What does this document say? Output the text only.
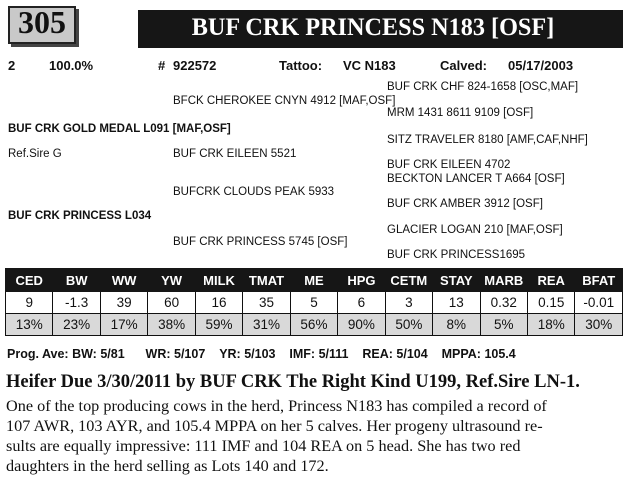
305	BUF CRK PRINCESS N183 [OSF]
2	100.0%	# 922572	Tattoo: VC N183	Calved: 05/17/2003
BUF CRK CHF 824-1658 [OSC,MAF]
BFCK CHEROKEE CNYN 4912 [MAF,OSF]
MRM 1431 8611 9109 [OSF]
BUF CRK GOLD MEDAL L091 [MAF,OSF]
SITZ TRAVELER 8180 [AMF,CAF,NHF]
Ref.Sire G	BUF CRK EILEEN 5521
BUF CRK EILEEN 4702
BECKTON LANCER T A664 [OSF]
BUFCRK CLOUDS PEAK 5933
BUF CRK AMBER 3912 [OSF]
BUF CRK PRINCESS L034
GLACIER LOGAN 210 [MAF,OSF]
BUF CRK PRINCESS 5745 [OSF]
BUF CRK PRINCESS1695
CED	BW	WW	YW	MILK	TMAT	ME	HPG	CETM	STAY	MARB	REA	BFAT
9	-1.3	39	60	16	35	5	6	3	13	0.32	0.15	-0.01
13%	23%	17%	38%	59%	31%	56%	90%	50%	8%	5%	18%	30%
Prog. Ave: BW: 5/81 WR: 5/107 YR: 5/103 IMF: 5/111 REA: 5/104 MPPA: 105.4
Heifer Due 3/30/2011 by BUF CRK The Right Kind U199, Ref.Sire LN-1.
One of the top producing cows in the herd, Princess N183 has compiled a record of
107 AWR, 103 AYR, and 105.4 MPPA on her 5 calves. Her progeny ultrasound re-
sults are equally impressive: 111 IMF and 104 REA on 5 head. She has two red
daughters in the herd selling as Lots 140 and 172.
